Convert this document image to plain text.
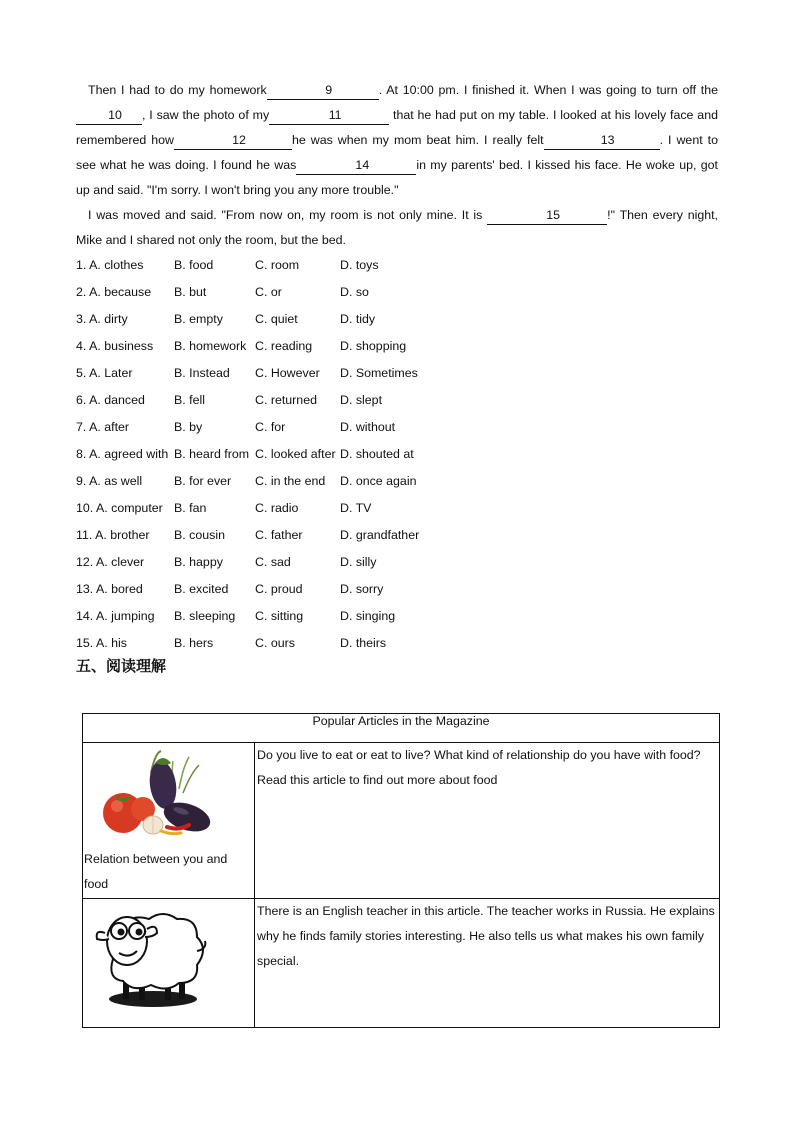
Then I had to do my homework	9	. At 10:00 pm. I finished it. When I was going to turn off the10 , I saw the photo of my	11	that he had put on my table. I looked at his lovely face and remembered how	12	he was when my mom beat him. I really felt	13	. I went to see what he was doing. I found he was	14	in my parents' bed. I kissed his face. He woke up, got up and said. "I'm sorry. I won't bring you any more trouble."

I was moved and said. "From now on, my room is not only mine. It is	15	!" Then every night, Mike and I shared not only the room, but the bed.

1. A. clothes B. food	C. room	D. toys
2. A. because B. but	C. or	D. so
3. A. dirty	B. empty	C. quiet	D. tidy
4. A. business B. homework C. reading D. shopping
5. A. Later	B. Instead C. However D. Sometimes
6. A. danced B. fell	C. returned D. slept
7. A. after	B. by	C. for	D. without
8. A. agreed with B. heard from C. looked after D. shouted at
9. A. as well	B. for ever C. in the end D. once again
10. A. computer B. fan	C. radio	D. TV
11. A. brother B. cousin C. father	D. grandfather
12. A. clever B. happy	C. sad	D. silly
13. A. bored	B. excited C. proud	D. sorry
14. A. jumping B. sleeping C. sitting	D. singing
15. A. his	B. hers	C. ours	D. theirs
五、阅读理解
Popular Articles in the Magazine	

Relation between you and food	Do you live to eat or eat to live? What kind of relationship do you have with food? Read this article to find out more about food

There is an English teacher in this article. The teacher works in Russia. He explains why he finds family stories interesting. He also tells us what makes his own family special.
